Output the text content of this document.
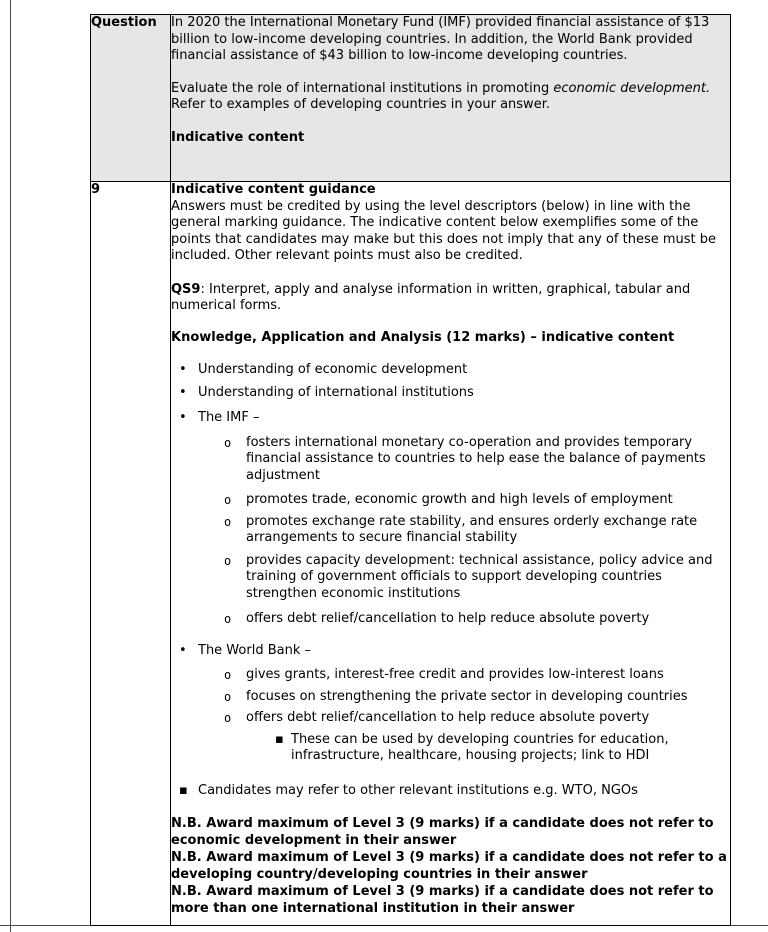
Question	In 2020 the International Monetary Fund (IMF) provided financial assistance of $13 billion to low-income developing countries. In addition, the World Bank provided financial assistance of $43 billion to low-income developing countries.

Evaluate the role of international institutions in promoting economic development. Refer to examples of developing countries in your answer.

Indicative content

9	Indicative content guidance

Answers must be credited by using the level descriptors (below) in line with the general marking guidance. The indicative content below exemplifies some of the points that candidates may make but this does not imply that any of these must be included. Other relevant points must also be credited.

QS9: Interpret, apply and analyse information in written, graphical, tabular and numerical forms.

Knowledge, Application and Analysis (12 marks) – indicative content

• Understanding of economic development
• Understanding of international institutions
• The IMF –
o	fosters international monetary co-operation and provides temporary financial assistance to countries to help ease the balance of payments adjustment
o	promotes trade, economic growth and high levels of employment
o	promotes exchange rate stability, and ensures orderly exchange rate arrangements to secure financial stability
o	provides capacity development: technical assistance, policy advice and training of government officials to support developing countries strengthen economic institutions
o	offers debt relief/cancellation to help reduce absolute poverty
• The World Bank –
o	gives grants, interest-free credit and provides low-interest loans
o	focuses on strengthening the private sector in developing countries
o	offers debt relief/cancellation to help reduce absolute poverty
▪ These can be used by developing countries for education, infrastructure, healthcare, housing projects; link to HDI
▪ Candidates may refer to other relevant institutions e.g. WTO, NGOs

N.B. Award maximum of Level 3 (9 marks) if a candidate does not refer to economic development in their answer

N.B. Award maximum of Level 3 (9 marks) if a candidate does not refer to a developing country/developing countries in their answer

N.B. Award maximum of Level 3 (9 marks) if a candidate does not refer to more than one international institution in their answer
